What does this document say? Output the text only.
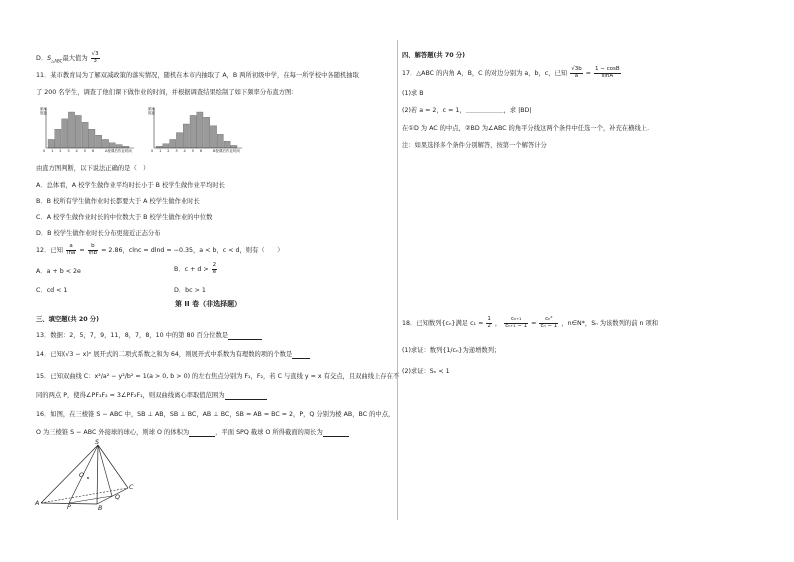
D．$S_{\triangle ABC}$最大值为 $\frac{√3}{3}$
11．某市教育局为了解双减政策的落实情况，随机在本市内抽取了 A，B 两所初级中学，在每一所学校中各随机抽取
了 200 名学生，调查了他们课下做作业的时间，并根据调查结果绘制了如下频率分布直方图：
频率
组距
0 1 2 3 4 5 6 A校课后作业时间
频率
组距
0 1 2 3 4 5 6 B校课后作业时间
由直方图判断，以下说法正确的是（　）
A．总体看，A 校学生做作业平均时长小于 B 校学生做作业平均时长
B．B 校所有学生做作业时长都要大于 A 校学生做作业时长
C．A 校学生做作业时长的中位数大于 B 校学生做作业的中位数
D．B 校学生做作业时长分布更接近正态分布
12．已知 $\frac{a}{\ln a} = \frac{b}{\ln b} = 2.86$，clnc = dlnd = −0.35，a < b，c < d，则有（　　）
A．a + b < 2e	B．$c + d > \frac{2}{e}$
C．cd < 1	D．bc > 1
第 II 卷（非选择题）
三、填空题(共 20 分)
13．数据：2，5，7，9，11，8，7，8，10 中的第 80 百分位数是
14．已知(√3 − x)ⁿ 展开式的二项式系数之和为 64，则展开式中系数为有理数的项的个数是
15．已知双曲线 C：x²/a² − y²/b² = 1(a > 0, b > 0) 的左右焦点分别为 F₁，F₂，若 C 与直线 y = x 有交点，且双曲线上存在不
同的两点 P，使得∠PF₁F₂ = 3∠PF₂F₁，则双曲线离心率取值范围为
16．如图，在三棱锥 S − ABC 中，SB ⊥ AB，SB ⊥ BC，AB ⊥ BC，SB = AB = BC = 2，P，Q 分别为棱 AB，BC 的中点，
O 为三棱锥 S − ABC 外接球的球心，则球 O 的体积为	，平面 SPQ 截球 O 所得截面的周长为
S
A
B
C
P
Q
O
四、解答题(共 70 分)
17．△ABC 的内角 A，B，C 的对边分别为 a，b，c，已知 $\frac{√3b}{a} = \frac{1 - \cos B}{\sin A}$
(1)求 B
(2)若 a = 2，c = 1，＿＿＿＿＿＿，求 |BD|
在①D 为 AC 的中点，②BD 为∠ABC 的角平分线这两个条件中任选一个，补充在横线上.
注：如果选择多个条件分别解答，按第一个解答计分
18．已知数列{cₙ}满足 $c_1 = \frac{1}{2}$ ， $\frac{\text{cₙ₊₁}}{\text{cₙ₊₁ − 1}} = \frac{\text{cₙ²}}{\text{cₙ − 1}}$ ，n∈N*，Sₙ 为该数列的前 n 项和
(1)求证：数列{1/cₙ}为递增数列；
(2)求证：Sₙ < 1
